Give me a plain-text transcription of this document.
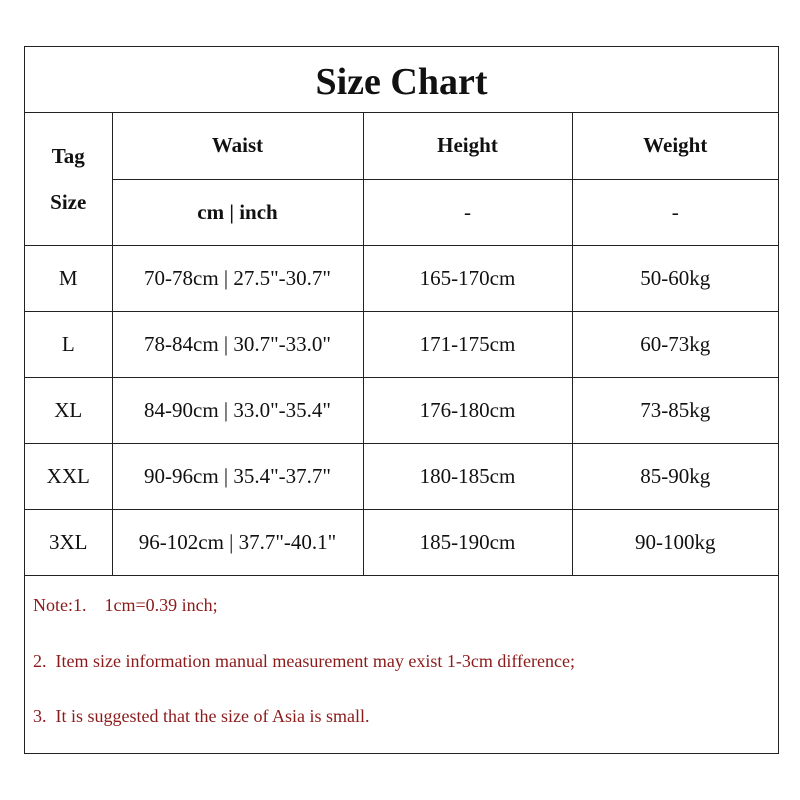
Size Chart
Tag
Size	Waist	Height	Weight
	cm | inch	-	-
M	70-78cm | 27.5"-30.7"	165-170cm	50-60kg
L	78-84cm | 30.7"-33.0"	171-175cm	60-73kg
XL	84-90cm | 33.0"-35.4"	176-180cm	73-85kg
XXL	90-96cm | 35.4"-37.7"	180-185cm	85-90kg
3XL	96-102cm | 37.7"-40.1"	185-190cm	90-100kg
Note:1.    1cm=0.39 inch;
2.  Item size information manual measurement may exist 1-3cm difference;
3.  It is suggested that the size of Asia is small.
